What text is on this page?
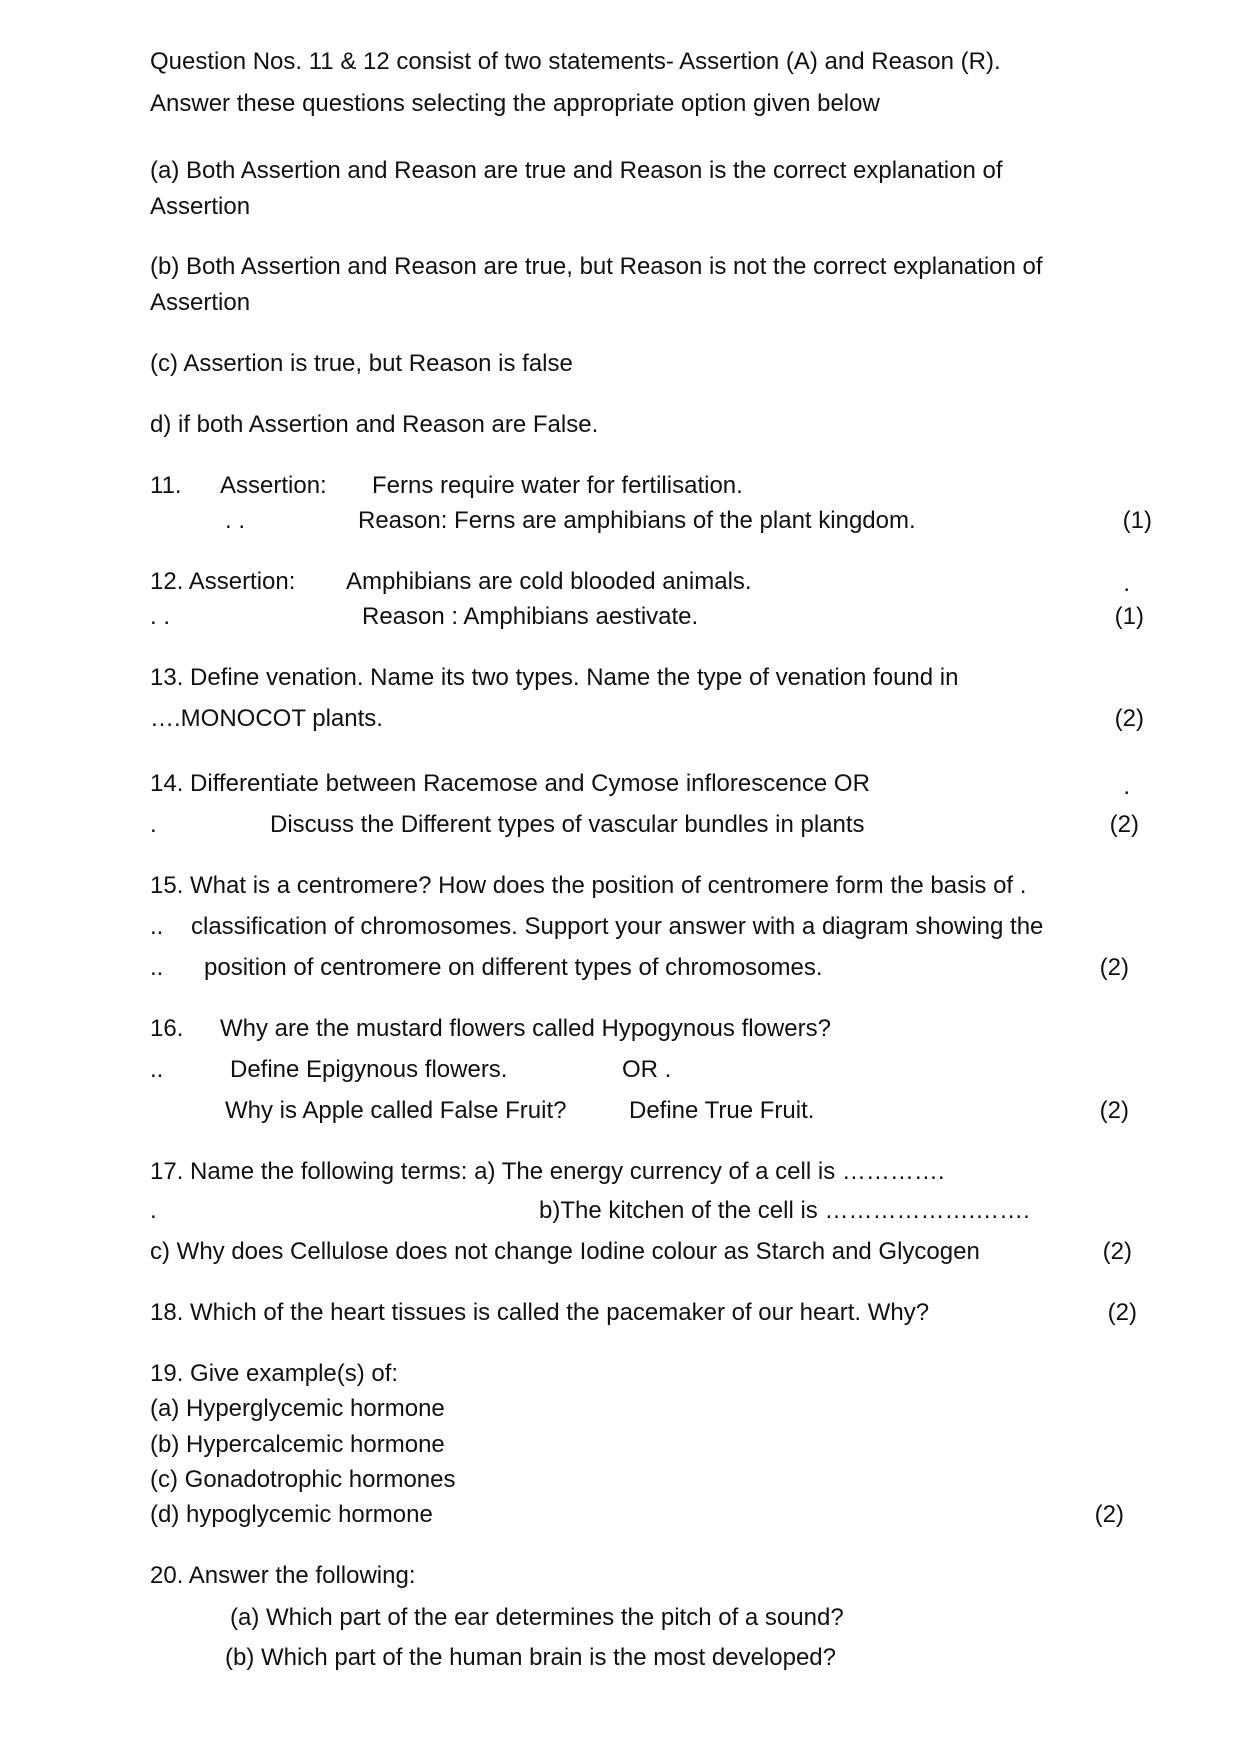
Question Nos. 11 & 12 consist of two statements- Assertion (A) and Reason (R).
Answer these questions selecting the appropriate option given below
(a) Both Assertion and Reason are true and Reason is the correct explanation of
Assertion
(b) Both Assertion and Reason are true, but Reason is not the correct explanation of
Assertion
(c) Assertion is true, but Reason is false
d) if both Assertion and Reason are False.
11. Assertion: Ferns require water for fertilisation.
. .	Reason: Ferns are amphibians of the plant kingdom.	(1)
12. Assertion: Amphibians are cold blooded animals.	.
. .	Reason : Amphibians aestivate.	(1)
13. Define venation. Name its two types. Name the type of venation found in
….MONOCOT plants.	(2)
14. Differentiate between Racemose and Cymose inflorescence OR	.
.	Discuss the Different types of vascular bundles in plants	(2)
15. What is a centromere? How does the position of centromere form the basis of .
.. classification of chromosomes. Support your answer with a diagram showing the
.. position of centromere on different types of chromosomes.	(2)
16. Why are the mustard flowers called Hypogynous flowers?
..	Define Epigynous flowers.	OR .
Why is Apple called False Fruit?	Define True Fruit.	(2)
17. Name the following terms: a) The energy currency of a cell is ………….
.	b)The kitchen of the cell is ……………….…….
c) Why does Cellulose does not change Iodine colour as Starch and Glycogen	(2)
18. Which of the heart tissues is called the pacemaker of our heart. Why?	(2)
19. Give example(s) of:
(a) Hyperglycemic hormone
(b) Hypercalcemic hormone
(c) Gonadotrophic hormones
(d) hypoglycemic hormone	(2)
20. Answer the following:
(a) Which part of the ear determines the pitch of a sound?
(b) Which part of the human brain is the most developed?
